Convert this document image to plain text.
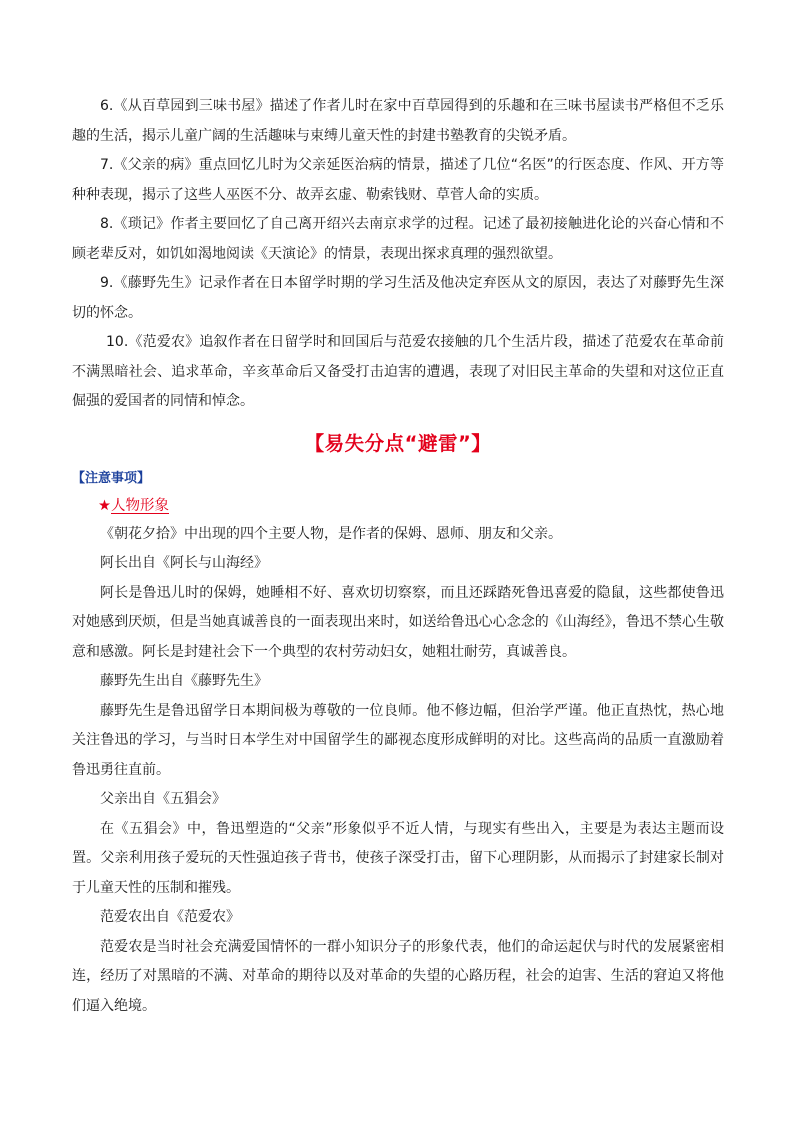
6.《从百草园到三味书屋》描述了作者儿时在家中百草园得到的乐趣和在三味书屋读书严格但不乏乐趣的生活，揭示儿童广阔的生活趣味与束缚儿童天性的封建书塾教育的尖锐矛盾。

7.《父亲的病》重点回忆儿时为父亲延医治病的情景，描述了几位“名医”的行医态度、作风、开方等种种表现，揭示了这些人巫医不分、故弄玄虚、勒索钱财、草菅人命的实质。

8.《琐记》作者主要回忆了自己离开绍兴去南京求学的过程。记述了最初接触进化论的兴奋心情和不顾老辈反对，如饥如渴地阅读《天演论》的情景，表现出探求真理的强烈欲望。

9.《藤野先生》记录作者在日本留学时期的学习生活及他决定弃医从文的原因，表达了对藤野先生深切的怀念。

10.《范爱农》追叙作者在日留学时和回国后与范爱农接触的几个生活片段，描述了范爱农在革命前不满黑暗社会、追求革命，辛亥革命后又备受打击迫害的遭遇，表现了对旧民主革命的失望和对这位正直倔强的爱国者的同情和悼念。

【易失分点“避雷”】
【注意事项】
★人物形象

《朝花夕拾》中出现的四个主要人物，是作者的保姆、恩师、朋友和父亲。

阿长出自《阿长与山海经》

阿长是鲁迅儿时的保姆，她睡相不好、喜欢切切察察，而且还踩踏死鲁迅喜爱的隐鼠，这些都使鲁迅对她感到厌烦，但是当她真诚善良的一面表现出来时，如送给鲁迅心心念念的《山海经》，鲁迅不禁心生敬意和感激。阿长是封建社会下一个典型的农村劳动妇女，她粗壮耐劳，真诚善良。

藤野先生出自《藤野先生》

藤野先生是鲁迅留学日本期间极为尊敬的一位良师。他不修边幅，但治学严谨。他正直热忱，热心地关注鲁迅的学习，与当时日本学生对中国留学生的鄙视态度形成鲜明的对比。这些高尚的品质一直激励着鲁迅勇往直前。

父亲出自《五猖会》

在《五猖会》中，鲁迅塑造的“父亲”形象似乎不近人情，与现实有些出入，主要是为表达主题而设置。父亲利用孩子爱玩的天性强迫孩子背书，使孩子深受打击，留下心理阴影，从而揭示了封建家长制对于儿童天性的压制和摧残。

范爱农出自《范爱农》

范爱农是当时社会充满爱国情怀的一群小知识分子的形象代表，他们的命运起伏与时代的发展紧密相连，经历了对黑暗的不满、对革命的期待以及对革命的失望的心路历程，社会的迫害、生活的窘迫又将他们逼入绝境。
